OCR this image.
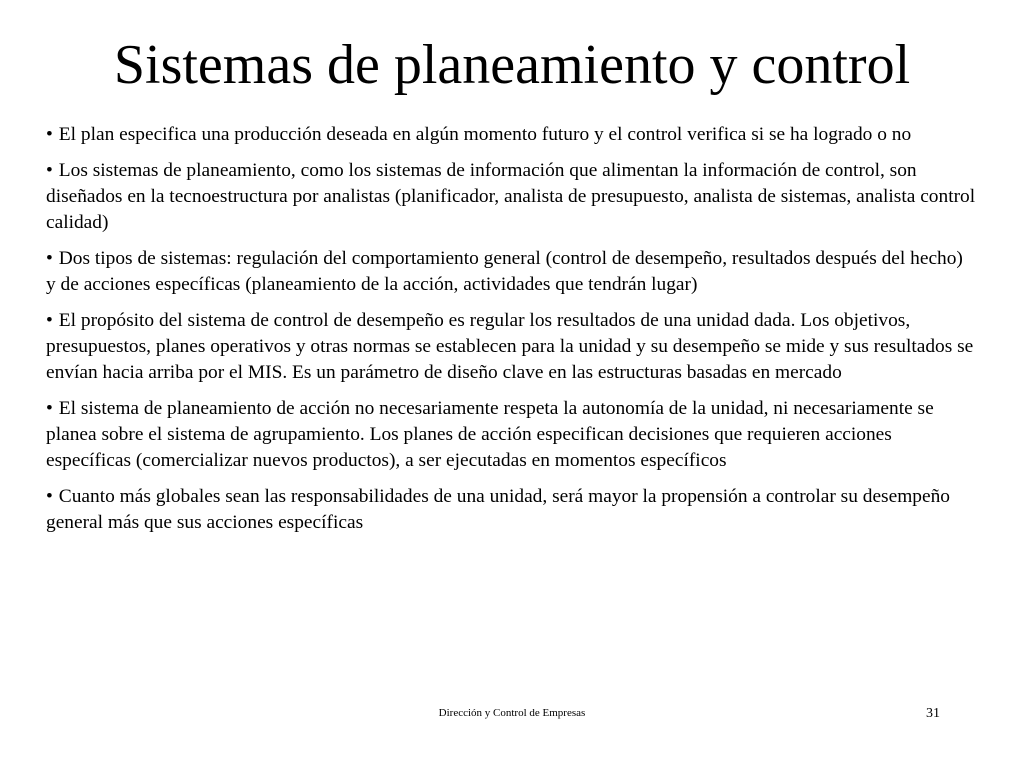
Sistemas de planeamiento y control
• El plan especifica una producción deseada en algún momento futuro y el control verifica si se ha logrado o no
• Los sistemas de planeamiento, como los sistemas de información que alimentan la información de control, son diseñados en la tecnoestructura por analistas (planificador, analista de presupuesto, analista de sistemas, analista control calidad)
• Dos tipos de sistemas: regulación del comportamiento general (control de desempeño, resultados después del hecho) y de acciones específicas (planeamiento de la acción, actividades que tendrán lugar)
• El propósito del sistema de control de desempeño es regular los resultados de una unidad dada. Los objetivos, presupuestos, planes operativos y otras normas se establecen para la unidad y su desempeño se mide y sus resultados se envían hacia arriba por el MIS. Es un parámetro de diseño clave en las estructuras basadas en mercado
• El sistema de planeamiento de acción no necesariamente respeta la autonomía de la unidad, ni necesariamente se planea sobre el sistema de agrupamiento. Los planes de acción especifican decisiones que requieren acciones específicas (comercializar nuevos productos), a ser ejecutadas en momentos específicos
• Cuanto más globales sean las responsabilidades de una unidad, será mayor la propensión a controlar su desempeño general más que sus acciones específicas
Dirección y Control de Empresas	31
